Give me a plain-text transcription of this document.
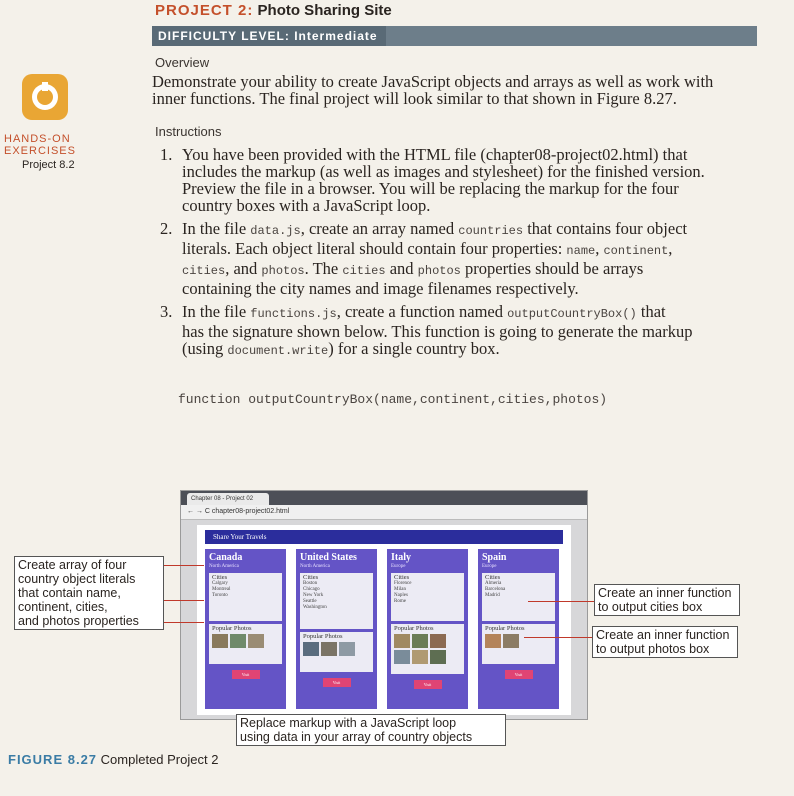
PROJECT 2: Photo Sharing Site
DIFFICULTY LEVEL: Intermediate
HANDS-ON
EXERCISES
Project 8.2
Overview
Demonstrate your ability to create JavaScript objects and arrays as well as work with
inner functions. The final project will look similar to that shown in Figure 8.27.
Instructions
1. You have been provided with the HTML file (chapter08-project02.html) that
includes the markup (as well as images and stylesheet) for the finished version.
Preview the file in a browser. You will be replacing the markup for the four
country boxes with a JavaScript loop.
2. In the file data.js, create an array named countries that contains four object
literals. Each object literal should contain four properties: name, continent,
cities, and photos. The cities and photos properties should be arrays
containing the city names and image filenames respectively.
3. In the file functions.js, create a function named outputCountryBox() that
has the signature shown below. This function is going to generate the markup
(using document.write) for a single country box.
function outputCountryBox(name,continent,cities,photos)
Chapter 08 - Project 02
← → C chapter08-project02.html
Share Your Travels
Canada
North America
Cities
Calgary
Montreal
Toronto
Popular Photos
Visit
United States
North America
Cities
Boston
Chicago
New York
Seattle
Washington
Popular Photos
Visit
Italy
Europe
Cities
Florence
Milan
Naples
Rome
Popular Photos
Visit
Spain
Europe
Cities
Almeria
Barcelona
Madrid
Popular Photos
Visit
Create array of four
country object literals
that contain name,
continent, cities,
and photos properties
Create an inner function
to output cities box
Create an inner function
to output photos box
Replace markup with a JavaScript loop
using data in your array of country objects
FIGURE 8.27 Completed Project 2
